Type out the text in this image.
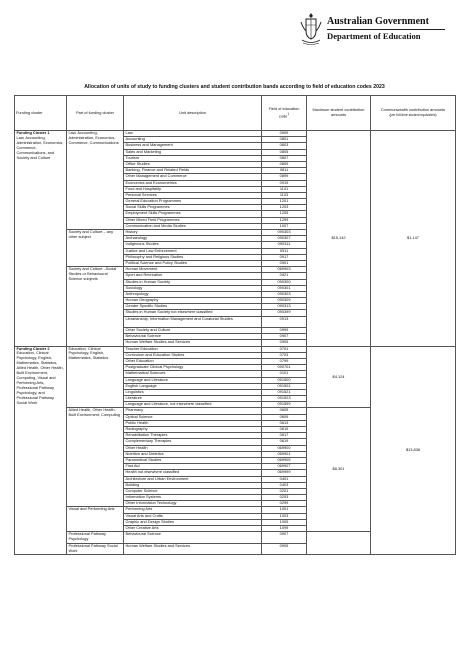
Australian Government
Department of Education
Allocation of units of study to funding clusters and student contribution bands according to field of education codes 2023
Funding cluster	Part of funding cluster	Unit description	Field of education code$^1$	Maximum student contribution amounts	Commonwealth contribution amounts
(per full-time student equivalent)

Funding Cluster 1
Law, Accounting, Administration, Economics, Commerce, Communications, and Society and Culture	Law, Accounting, Administration, Economics, Commerce, Communications	Law	0909	$15,142	$1,147

		Accounting	0801		

		Business and Management	0803		

		Sales and Marketing	0805		

		Tourism	0807		

		Office Studies	0809		

		Banking, Finance and Related Fields	0811		

		Other Management and Commerce	0899		

		Economics and Econometrics	0919		

		Food and Hospitality	1101		

		Personal Services	1103		

		General Education Programmes	1201		

		Social Skills Programmes	1203		

		Employment Skills Programmes	1205		

		Other Mixed Field Programmes	1299		

		Communication and Media Studies	1007		
	Society and Culture – any other subject	History	090303		

		Archaeology	090307		

		Indigenous Studies	090311		

		Justice and Law Enforcement	0911		

		Philosophy and Religious Studies	0917		

		Political Science and Policy Studies	0901		
	Society and Culture –Social Studies or Behavioural Science subjects	Human Movement	069903		

		Sport and Recreation	0921		

		Studies in Human Society	090300		

		Sociology	090301		

		Anthropology	090303		

		Human Geography	090309		

		Gender Specific Studies	090313		

		Studies in Human Society not elsewhere classified	090399		

		Librarianship, Information Management and Curatorial Studies	0913		

		Other Society and Culture	0999		

		Behavioural Science	0907		

		Human Welfare Studies and Services	0905		

Funding Cluster 2
Education, Clinical Psychology, English, Mathematics, Statistics, Allied Health, Other Health, Built Environment, Computing, Visual and Performing Arts, Professional Pathway Psychology, and Professional Pathway Social Work	Education, Clinical Psychology, English, Mathematics, Statistics	Teacher Education	0701	$4,124	$13,836

		Curriculum and Education Studies	0703		

		Other Education	0799		

		Postgraduate Clinical Psychology	090701		

		Mathematical Sciences	0101		

		Language and Literature	091500		

		English Language	091501		

		Linguistics	091521		

		Literature	091523		

		Language and Literature, not elsewhere classified	091599		
	Allied Health, Other Health, Built Environment, Computing	Pharmacy	0605	$8,301	

		Optical Science	0609		

		Public Health	0613		

		Radiography	0615		

		Rehabilitation Therapies	0617		

		Complementary Therapies	0619		

		Other Health	069900		

		Nutrition and Dietetics	069901		

		Paramedical Studies	069905		

		First Aid	069907		

		Health not elsewhere classified	069999		

		Architecture and Urban Environment	0401		

		Building	0403		

		Computer Science	0201		

		Information Systems	0203		

		Other Information Technology	0299		
	Visual and Performing Arts	Performing Arts	1001		

		Visual Arts and Crafts	1003		

		Graphic and Design Studies	1005		

		Other Creative Arts	1099		
	Professional Pathway Psychology	Behavioural Science	0907		
	Professional Pathway Social Work	Human Welfare Studies and Services	0905		
